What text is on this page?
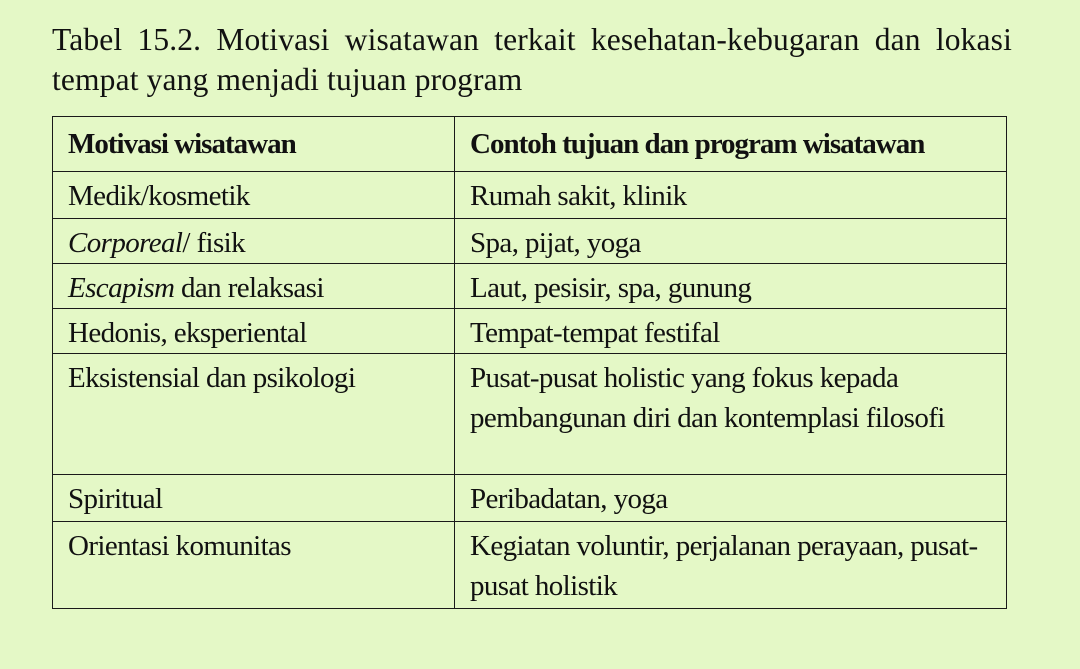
Tabel 15.2. Motivasi wisatawan terkait kesehatan-kebugaran dan lokasi tempat yang menjadi tujuan program
Motivasi wisatawan	Contoh tujuan dan program wisatawan
Medik/kosmetik	Rumah sakit, klinik
Corporeal/ fisik	Spa, pijat, yoga
Escapism dan relaksasi	Laut, pesisir, spa, gunung
Hedonis, eksperiental	Tempat-tempat festifal
Eksistensial dan psikologi	Pusat-pusat holistic yang fokus kepada pembangunan diri dan kontemplasi filosofi
Spiritual	Peribadatan, yoga
Orientasi komunitas	Kegiatan voluntir, perjalanan perayaan, pusat-pusat holistik
